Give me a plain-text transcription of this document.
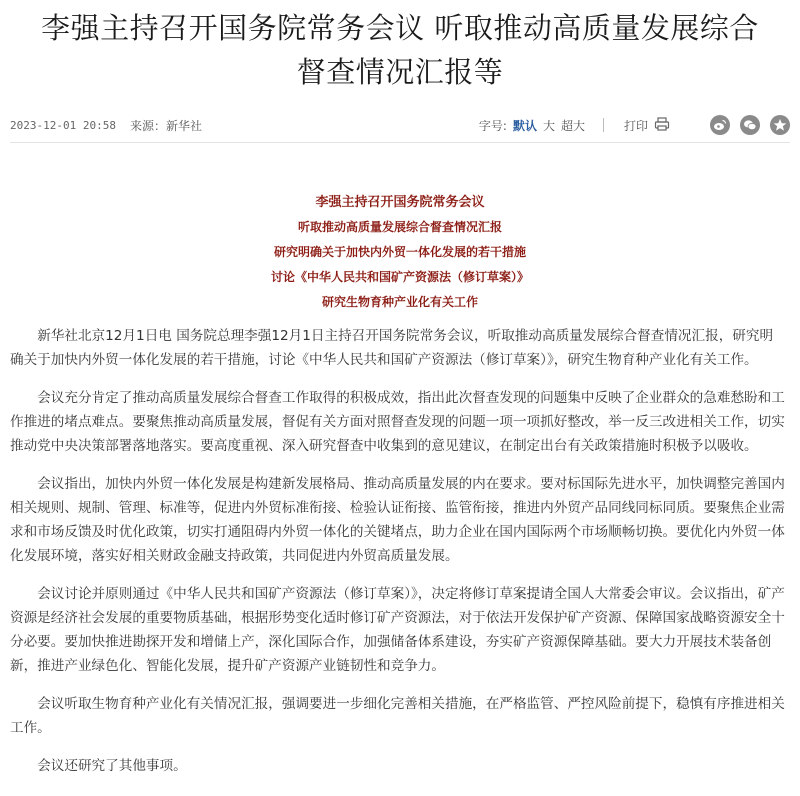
李强主持召开国务院常务会议 听取推动高质量发展综合
督查情况汇报等
2023-12-01 20:58 来源：新华社	字号: 默认 大 超大	打印
李强主持召开国务院常务会议
听取推动高质量发展综合督查情况汇报
研究明确关于加快内外贸一体化发展的若干措施
讨论《中华人民共和国矿产资源法（修订草案）》
研究生物育种产业化有关工作

新华社北京12月1日电 国务院总理李强12月1日主持召开国务院常务会议，听取推动高质量发展综合督查情况汇报，研究明确关于加快内外贸一体化发展的若干措施，讨论《中华人民共和国矿产资源法（修订草案）》，研究生物育种产业化有关工作。

会议充分肯定了推动高质量发展综合督查工作取得的积极成效，指出此次督查发现的问题集中反映了企业群众的急难愁盼和工作推进的堵点难点。要聚焦推动高质量发展，督促有关方面对照督查发现的问题一项一项抓好整改，举一反三改进相关工作，切实推动党中央决策部署落地落实。要高度重视、深入研究督查中收集到的意见建议，在制定出台有关政策措施时积极予以吸收。

会议指出，加快内外贸一体化发展是构建新发展格局、推动高质量发展的内在要求。要对标国际先进水平，加快调整完善国内相关规则、规制、管理、标准等，促进内外贸标准衔接、检验认证衔接、监管衔接，推进内外贸产品同线同标同质。要聚焦企业需求和市场反馈及时优化政策，切实打通阻碍内外贸一体化的关键堵点，助力企业在国内国际两个市场顺畅切换。要优化内外贸一体化发展环境，落实好相关财政金融支持政策，共同促进内外贸高质量发展。

会议讨论并原则通过《中华人民共和国矿产资源法（修订草案）》，决定将修订草案提请全国人大常委会审议。会议指出，矿产资源是经济社会发展的重要物质基础，根据形势变化适时修订矿产资源法，对于依法开发保护矿产资源、保障国家战略资源安全十分必要。要加快推进勘探开发和增储上产，深化国际合作，加强储备体系建设，夯实矿产资源保障基础。要大力开展技术装备创新，推进产业绿色化、智能化发展，提升矿产资源产业链韧性和竞争力。

会议听取生物育种产业化有关情况汇报，强调要进一步细化完善相关措施，在严格监管、严控风险前提下，稳慎有序推进相关工作。

会议还研究了其他事项。
